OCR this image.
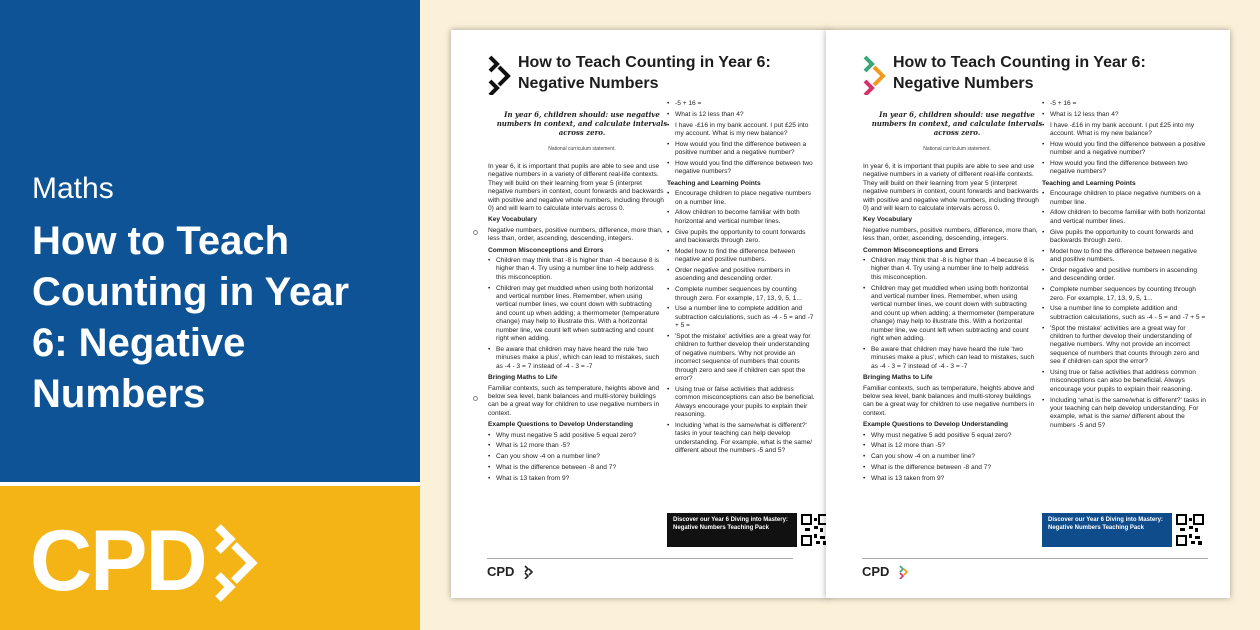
Maths
How to Teach Counting in Year 6: Negative Numbers
CPD
How to Teach Counting in Year 6:
Negative Numbers
In year 6, children should: use negative numbers in context, and calculate intervals across zero.
National curriculum statement.

In year 6, it is important that pupils are able to see and use negative numbers in a variety of different real-life contexts. They will build on their learning from year 5 (interpret negative numbers in context, count forwards and backwards with positive and negative whole numbers, including through 0) and will learn to calculate intervals across 0.

Key Vocabulary

Negative numbers, positive numbers, difference, more than, less than, order, ascending, descending, integers.

Common Misconceptions and Errors
• Children may think that -8 is higher than -4 because 8 is higher than 4. Try using a number line to help address this misconception.
• Children may get muddled when using both horizontal and vertical number lines. Remember, when using vertical number lines, we count down with subtracting and count up when adding; a thermometer (temperature change) may help to illustrate this. With a horizontal number line, we count left when subtracting and count right when adding.
• Be aware that children may have heard the rule 'two minuses make a plus', which can lead to mistakes, such as -4 - 3 = 7 instead of -4 - 3 = -7
Bringing Maths to Life

Familiar contexts, such as temperature, heights above and below sea level, bank balances and multi-storey buildings can be a great way for children to use negative numbers in context.

Example Questions to Develop Understanding
• Why must negative 5 add positive 5 equal zero?
• What is 12 more than -5?
• Can you show -4 on a number line?
• What is the difference between -8 and 7?
• What is 13 taken from 9?
• -5 + 16 =
• What is 12 less than 4?
• I have -£16 in my bank account. I put £25 into my account. What is my new balance?
• How would you find the difference between a positive number and a negative number?
• How would you find the difference between two negative numbers?
Teaching and Learning Points
• Encourage children to place negative numbers on a number line.
• Allow children to become familiar with both horizontal and vertical number lines.
• Give pupils the opportunity to count forwards and backwards through zero.
• Model how to find the difference between negative and positive numbers.
• Order negative and positive numbers in ascending and descending order.
• Complete number sequences by counting through zero. For example, 17, 13, 9, 5, 1...
• Use a number line to complete addition and subtraction calculations, such as -4 - 5 = and -7 + 5 =
• 'Spot the mistake' activities are a great way for children to further develop their understanding of negative numbers. Why not provide an incorrect sequence of numbers that counts through zero and see if children can spot the error?
• Using true or false activities that address common misconceptions can also be beneficial. Always encourage your pupils to explain their reasoning.
• Including 'what is the same/what is different?' tasks in your teaching can help develop understanding. For example, what is the same/ different about the numbers -5 and 5?
Discover our Year 6 Diving into Mastery: Negative Numbers Teaching Pack
CPD
How to Teach Counting in Year 6:
Negative Numbers
In year 6, children should: use negative numbers in context, and calculate intervals across zero.
National curriculum statement.

In year 6, it is important that pupils are able to see and use negative numbers in a variety of different real-life contexts. They will build on their learning from year 5 (interpret negative numbers in context, count forwards and backwards with positive and negative whole numbers, including through 0) and will learn to calculate intervals across 0.

Key Vocabulary

Negative numbers, positive numbers, difference, more than, less than, order, ascending, descending, integers.

Common Misconceptions and Errors
• Children may think that -8 is higher than -4 because 8 is higher than 4. Try using a number line to help address this misconception.
• Children may get muddled when using both horizontal and vertical number lines. Remember, when using vertical number lines, we count down with subtracting and count up when adding; a thermometer (temperature change) may help to illustrate this. With a horizontal number line, we count left when subtracting and count right when adding.
• Be aware that children may have heard the rule 'two minuses make a plus', which can lead to mistakes, such as -4 - 3 = 7 instead of -4 - 3 = -7
Bringing Maths to Life

Familiar contexts, such as temperature, heights above and below sea level, bank balances and multi-storey buildings can be a great way for children to use negative numbers in context.

Example Questions to Develop Understanding
• Why must negative 5 add positive 5 equal zero?
• What is 12 more than -5?
• Can you show -4 on a number line?
• What is the difference between -8 and 7?
• What is 13 taken from 9?
• -5 + 16 =
• What is 12 less than 4?
• I have -£16 in my bank account. I put £25 into my account. What is my new balance?
• How would you find the difference between a positive number and a negative number?
• How would you find the difference between two negative numbers?
Teaching and Learning Points
• Encourage children to place negative numbers on a number line.
• Allow children to become familiar with both horizontal and vertical number lines.
• Give pupils the opportunity to count forwards and backwards through zero.
• Model how to find the difference between negative and positive numbers.
• Order negative and positive numbers in ascending and descending order.
• Complete number sequences by counting through zero. For example, 17, 13, 9, 5, 1...
• Use a number line to complete addition and subtraction calculations, such as -4 - 5 = and -7 + 5 =
• 'Spot the mistake' activities are a great way for children to further develop their understanding of negative numbers. Why not provide an incorrect sequence of numbers that counts through zero and see if children can spot the error?
• Using true or false activities that address common misconceptions can also be beneficial. Always encourage your pupils to explain their reasoning.
• Including 'what is the same/what is different?' tasks in your teaching can help develop understanding. For example, what is the same/ different about the numbers -5 and 5?
Discover our Year 6 Diving into Mastery: Negative Numbers Teaching Pack
CPD
